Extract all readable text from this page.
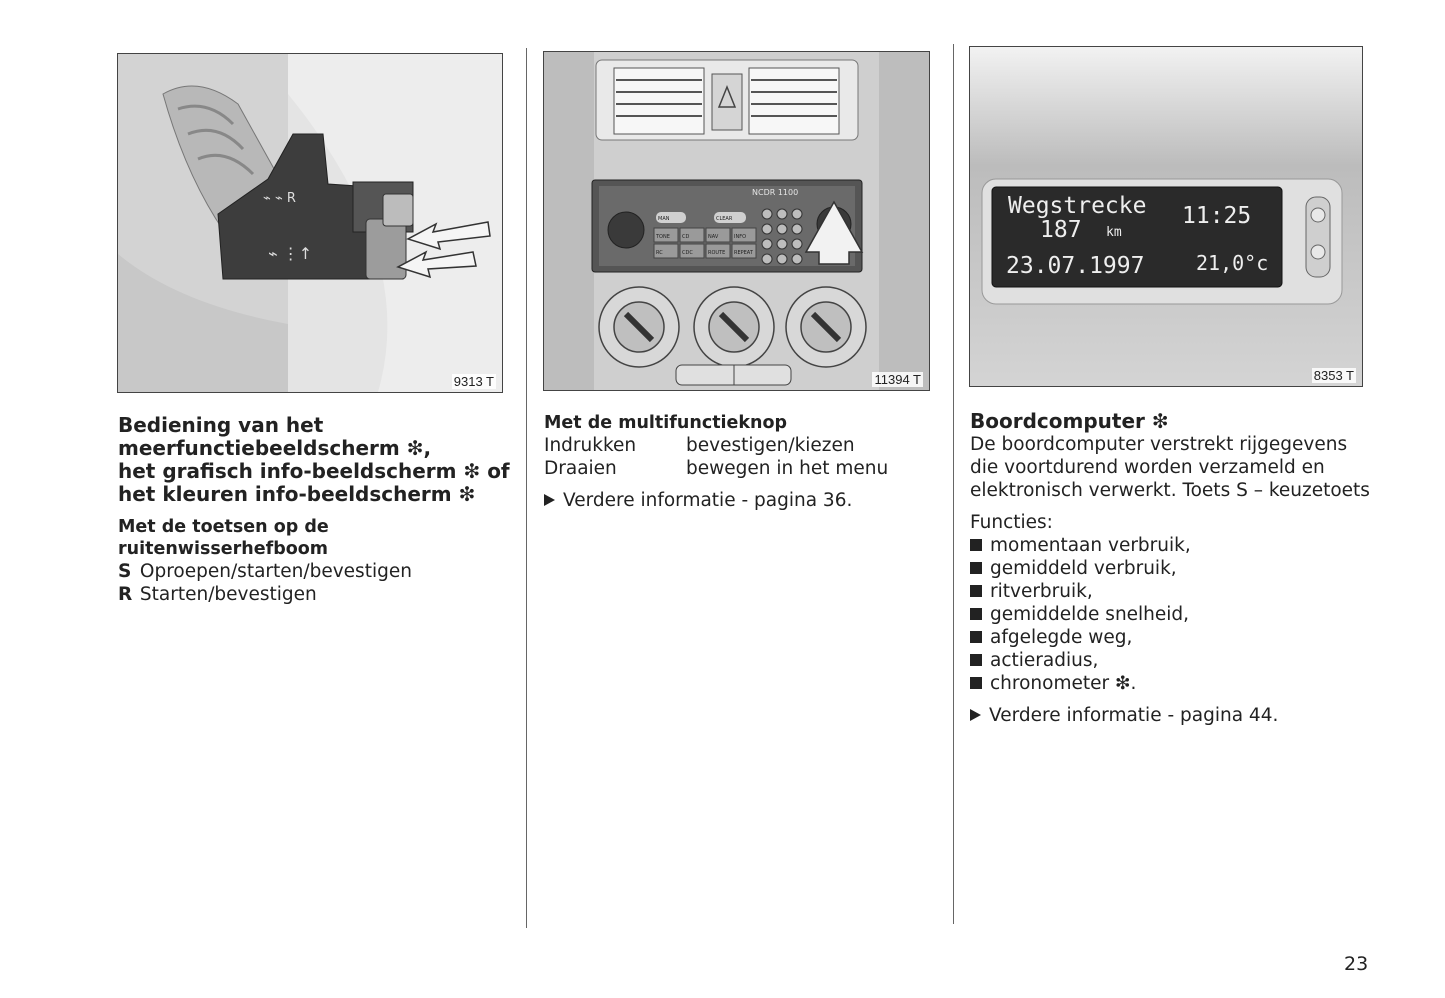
⌁ ⌁ R
⌁ ⋮↑
9313 T
NCDR 1100
MAN	CLEAR
TONE CD	NAV	INFO
RC	CDC	ROUTE REPEAT
11394 T
Wegstrecke
187 km
11:25
23.07.1997	21,0°c
8353 T
Bediening van het
meerfunctiebeeldscherm ❇,
het grafisch info-beeldscherm ❇ of
het kleuren info-beeldscherm ❇
Met de toetsen op de
ruitenwisserhefboom
S Oproepen/starten/bevestigen
R Starten/bevestigen
Met de multifunctieknop
Indrukken	bevestigen/kiezen
Draaien	bewegen in het menu
Verdere informatie - pagina 36.
Boordcomputer ❇
De boordcomputer verstrekt rijgegevens
die voortdurend worden verzameld en
elektronisch verwerkt. Toets S – keuzetoets
Functies:
momentaan verbruik,
gemiddeld verbruik,
ritverbruik,
gemiddelde snelheid,
afgelegde weg,
actieradius,
chronometer ❇.
Verdere informatie - pagina 44.
23
